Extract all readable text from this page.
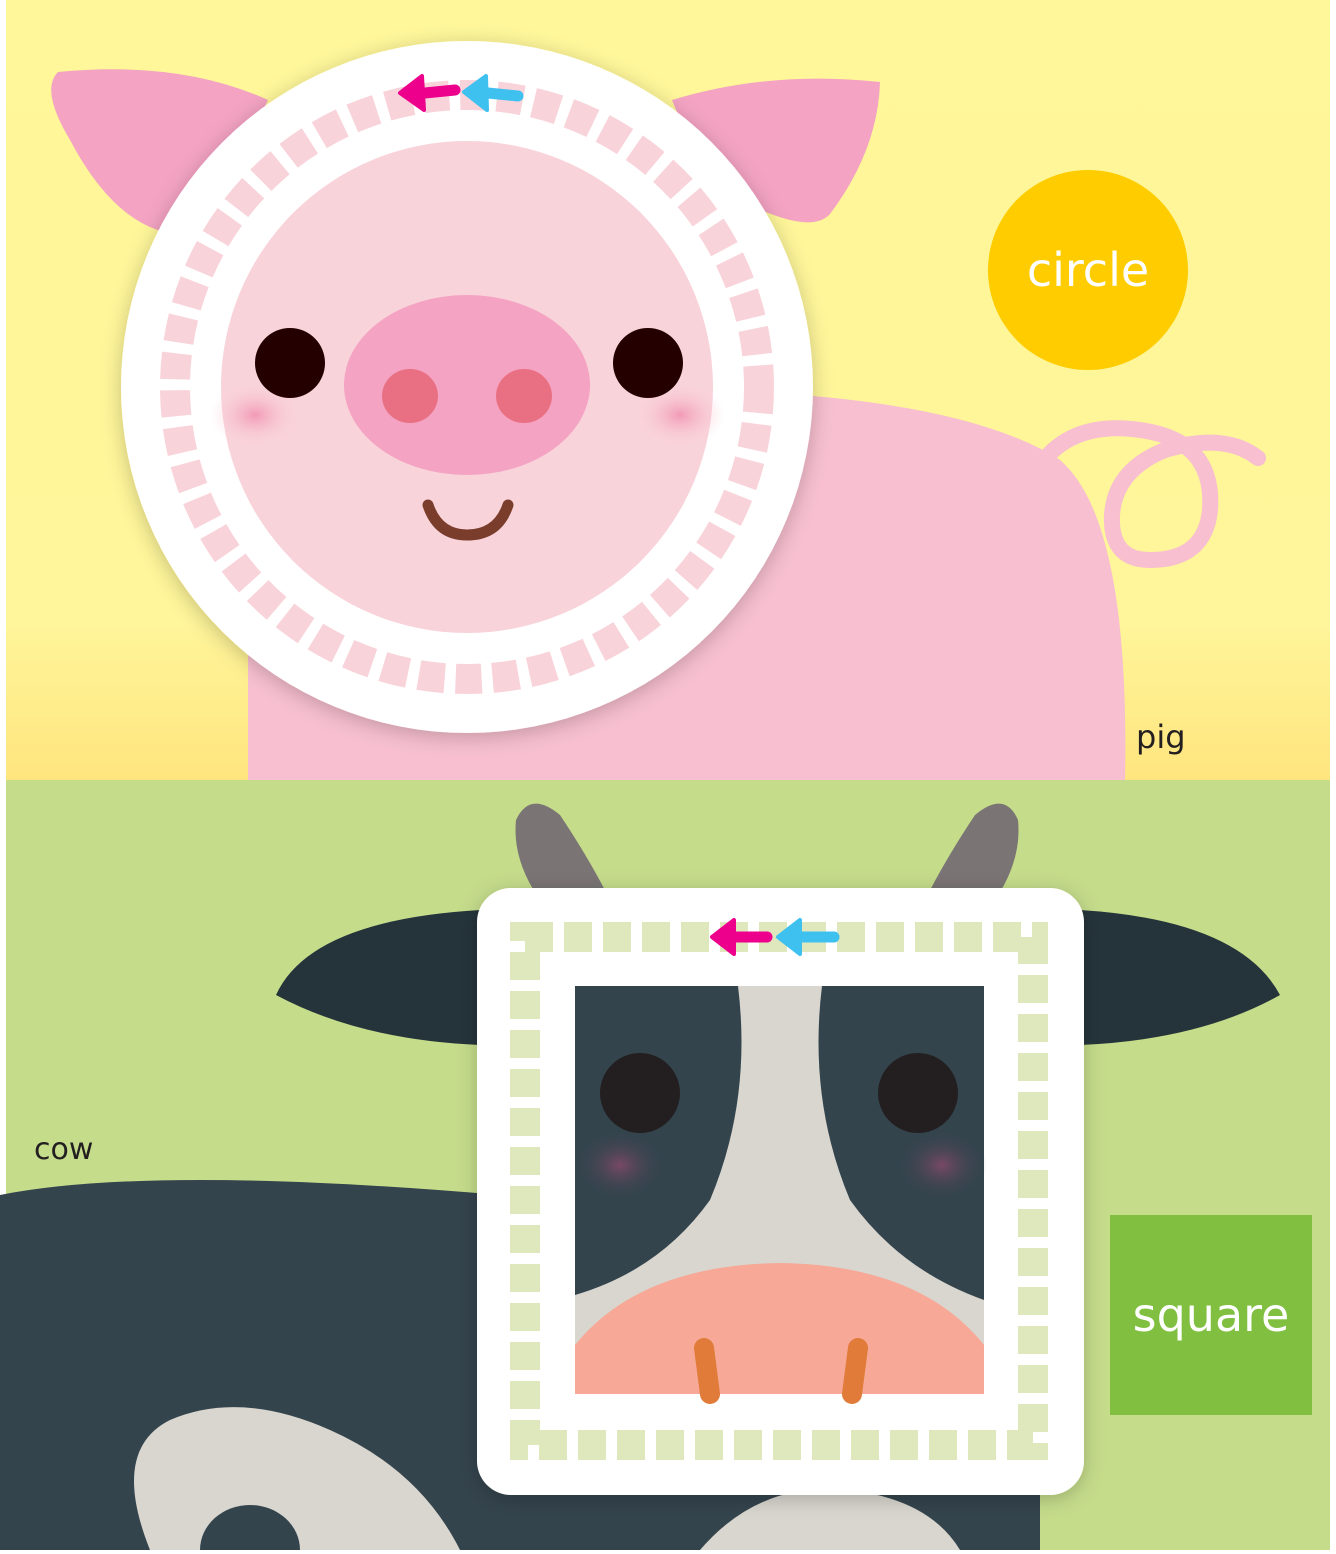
circle
pig
cow
square
